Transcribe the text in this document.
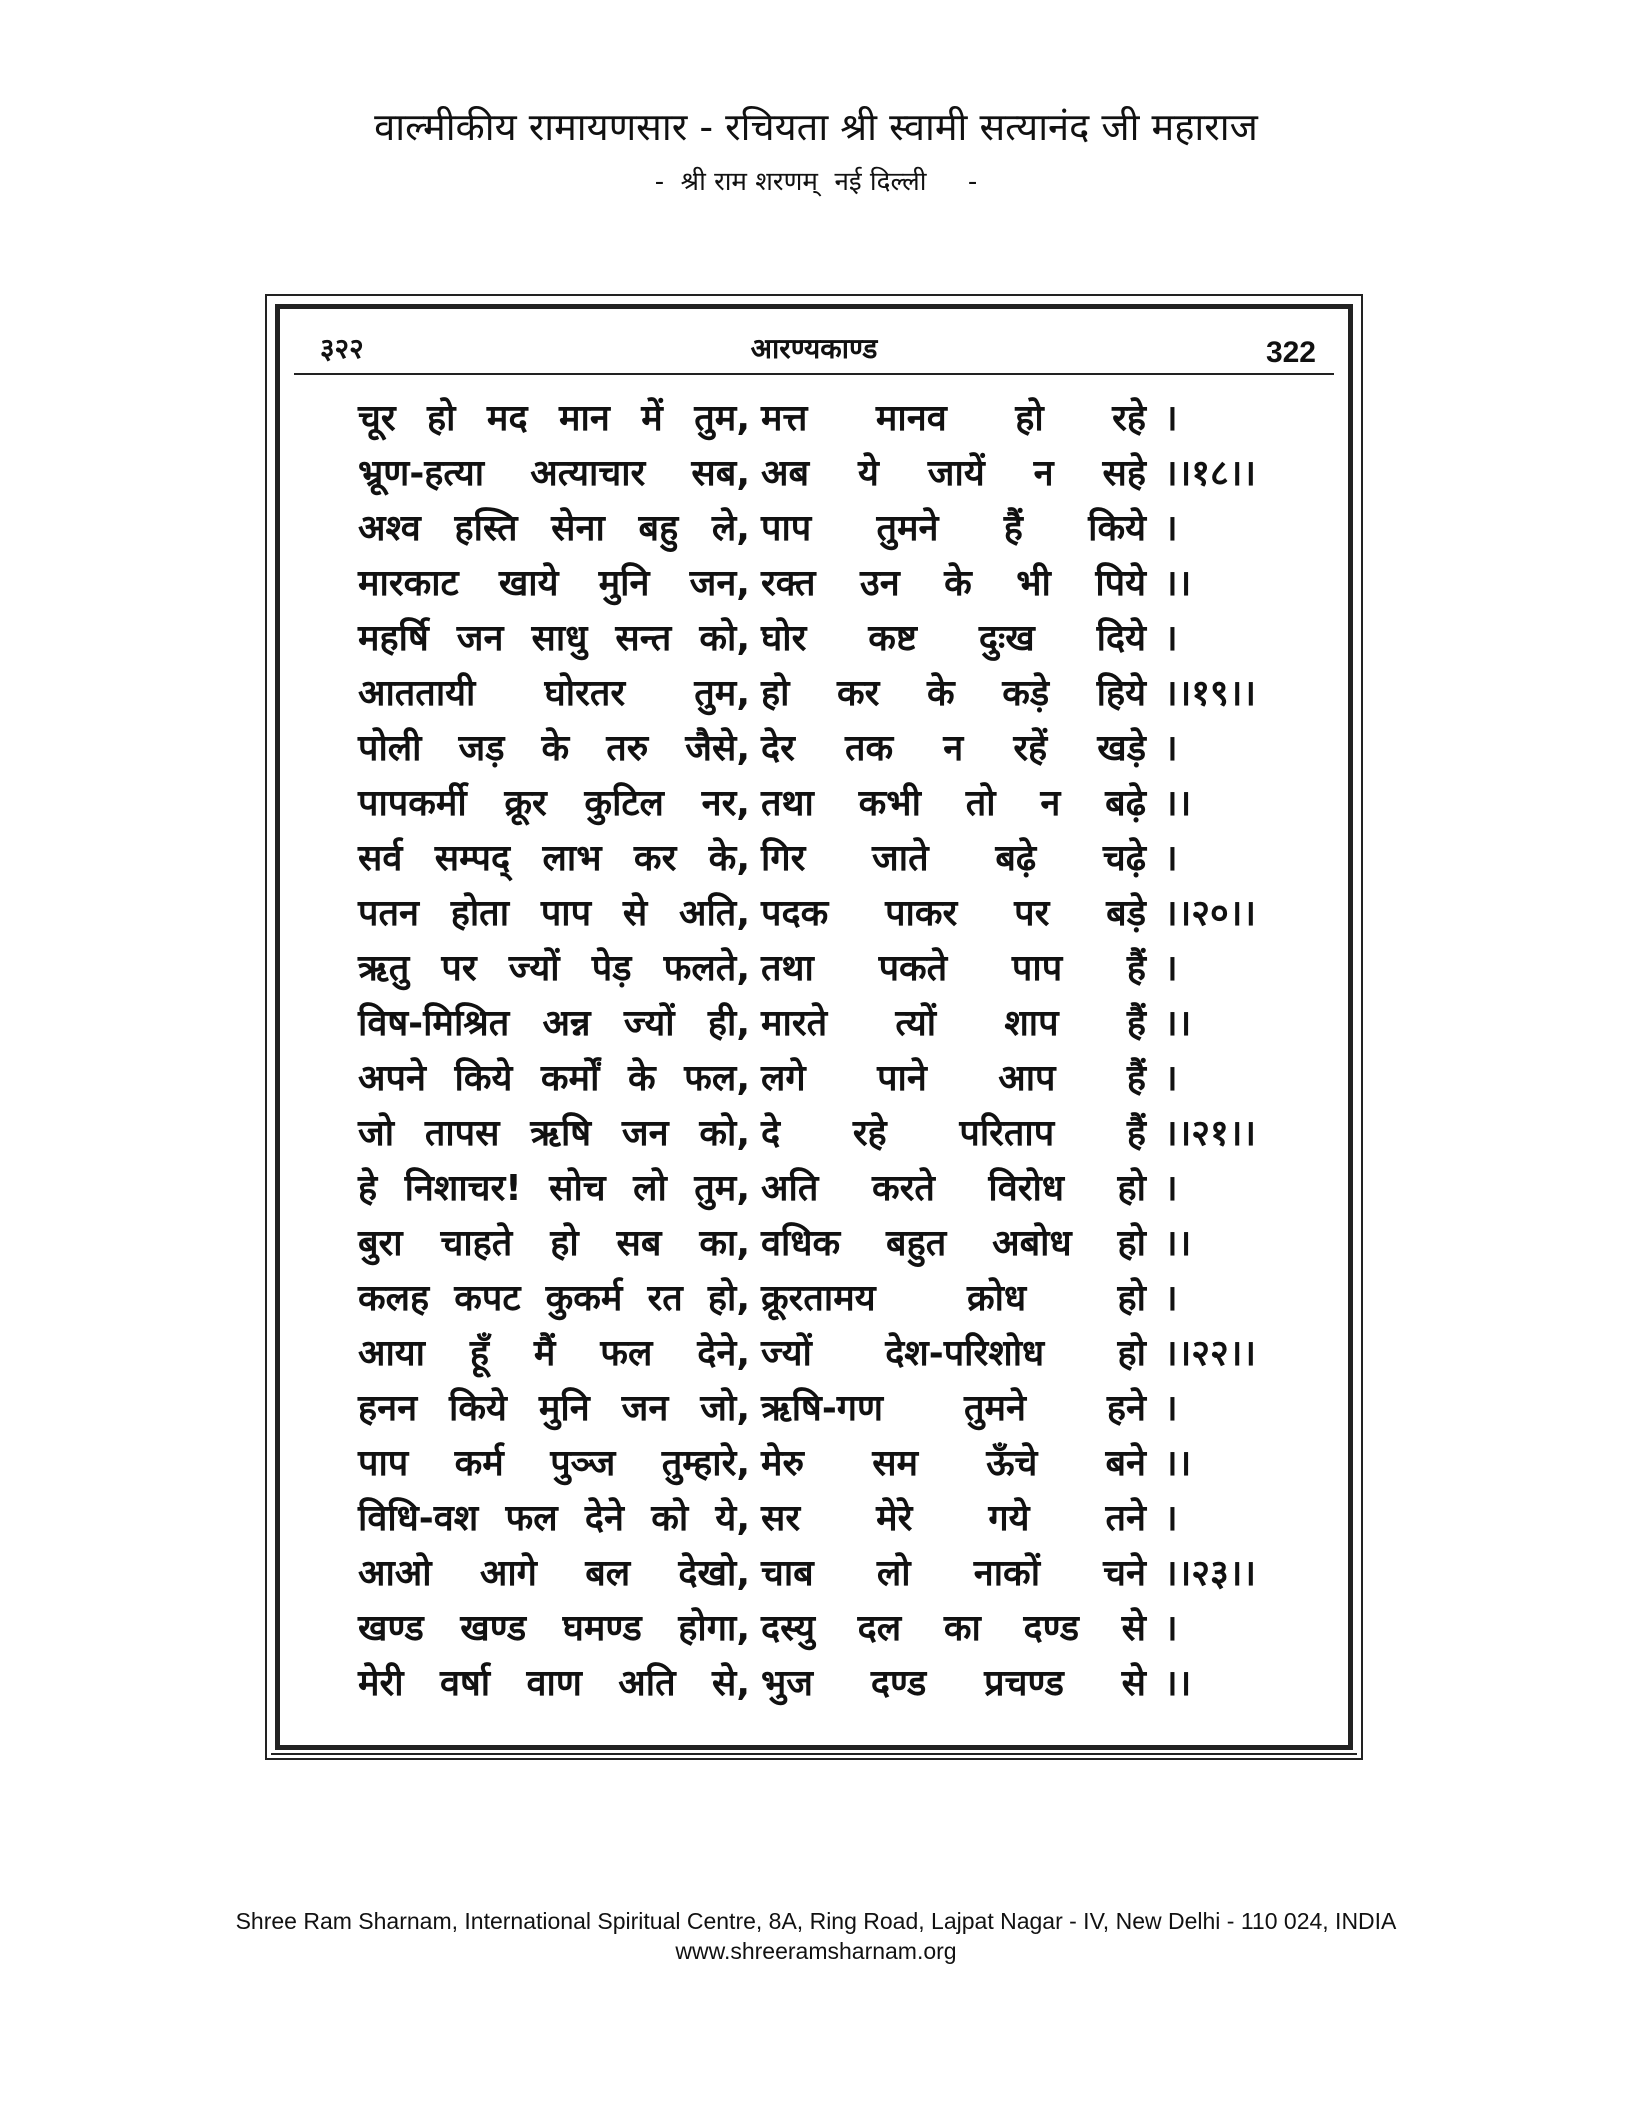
वाल्मीकीय रामायणसार - रचियता श्री स्वामी सत्यानंद जी महाराज
-  श्री राम शरणम्  नई दिल्ली     -
३२२	आरण्यकाण्ड	322
चूर हो मद मान में तुम, मत्त मानव हो रहे ।
भ्रूण-हत्या अत्याचार सब, अब ये जायें न सहे ।।१८।।
अश्व हस्ति सेना बहु ले, पाप तुमने हैं किये ।
मारकाट खाये मुनि जन, रक्त उन के भी पिये ।।
महर्षि जन साधु सन्त को, घोर कष्ट दुःख दिये ।
आततायी घोरतर तुम, हो कर के कड़े हिये ।।१९।।
पोली जड़ के तरु जैसे, देर तक न रहें खड़े ।
पापकर्मी क्रूर कुटिल नर, तथा कभी तो न बढ़े ।।
सर्व सम्पद् लाभ कर के, गिर जाते बढ़े चढ़े ।
पतन होता पाप से अति, पदक पाकर पर बड़े ।।२०।।
ऋतु पर ज्यों पेड़ फलते, तथा पकते पाप हैं ।
विष-मिश्रित अन्न ज्यों ही, मारते त्यों शाप हैं ।।
अपने किये कर्मों के फल, लगे पाने आप हैं ।
जो तापस ऋषि जन को, दे रहे परिताप हैं ।।२१।।
हे निशाचर! सोच लो तुम, अति करते विरोध हो ।
बुरा चाहते हो सब का, वधिक बहुत अबोध हो ।।
कलह कपट कुकर्म रत हो, क्रूरतामय क्रोध हो ।
आया हूँ मैं फल देने, ज्यों देश-परिशोध हो ।।२२।।
हनन किये मुनि जन जो, ऋषि-गण तुमने हने ।
पाप कर्म पुञ्ज तुम्हारे, मेरु सम ऊँचे बने ।।
विधि-वश फल देने को ये, सर मेरे गये तने ।
आओ आगे बल देखो, चाब लो नाकों चने ।।२३।।
खण्ड खण्ड घमण्ड होगा, दस्यु दल का दण्ड से ।
मेरी वर्षा वाण अति से, भुज दण्ड प्रचण्ड से ।।
Shree Ram Sharnam, International Spiritual Centre, 8A, Ring Road, Lajpat Nagar - IV, New Delhi - 110 024, INDIA
www.shreeramsharnam.org
